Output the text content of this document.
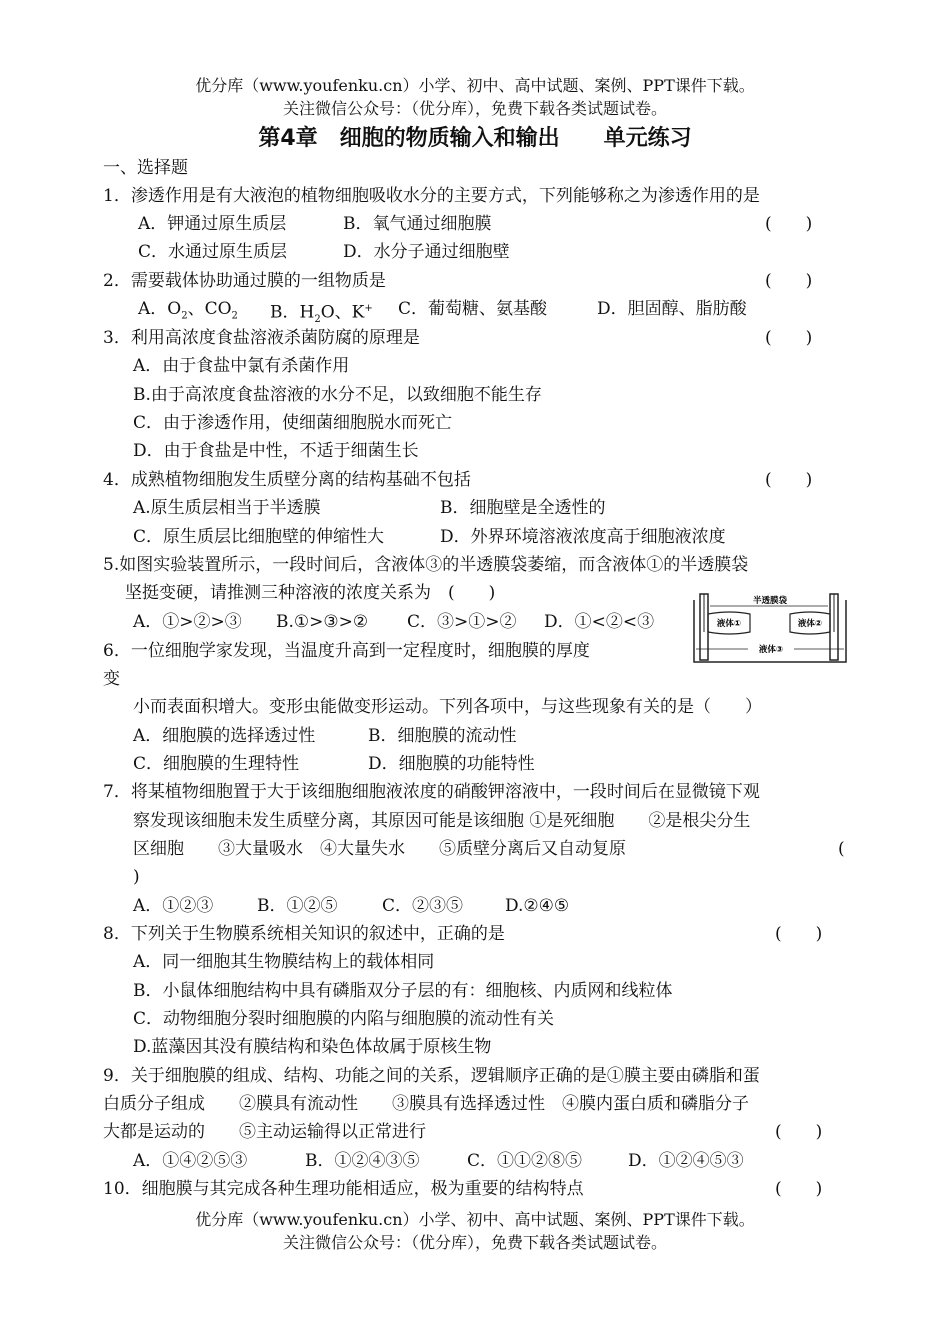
优分库（www.youfenku.cn）小学、初中、高中试题、案例、PPT课件下载。
关注微信公众号：（优分库），免费下载各类试题试卷。
第4章　细胞的物质输入和输出　　单元练习
一、选择题
1．渗透作用是有大液泡的植物细胞吸收水分的主要方式，下列能够称之为渗透作用的是
A．钾通过原生质层	B．氧气通过细胞膜	(　　)
C．水通过原生质层	D．水分子通过细胞壁
2．需要载体协助通过膜的一组物质是	(　　)
A．$O_2$、$CO_2$ B．$H_2O$、K+ C．葡萄糖、氨基酸	D．胆固醇、脂肪酸
3．利用高浓度食盐溶液杀菌防腐的原理是	(　　)
A．由于食盐中氯有杀菌作用
B.由于高浓度食盐溶液的水分不足，以致细胞不能生存
C．由于渗透作用，使细菌细胞脱水而死亡
D．由于食盐是中性，不适于细菌生长
4．成熟植物细胞发生质壁分离的结构基础不包括	(　　)
A.原生质层相当于半透膜	B．细胞壁是全透性的
C．原生质层比细胞壁的伸缩性大	D．外界环境溶液浓度高于细胞液浓度
5.如图实验装置所示，一段时间后，含液体③的半透膜袋萎缩，而含液体①的半透膜袋
坚挺变硬，请推测三种溶液的浓度关系为　(　　)
A．①>②>③ B.①>③>② C．③>①>② D．①<②<③
半透膜袋
液体①	液体②
液体③
6．一位细胞学家发现，当温度升高到一定程度时，细胞膜的厚度
变
小而表面积增大。变形虫能做变形运动。下列各项中，与这些现象有关的是（　　）
A．细胞膜的选择透过性	B．细胞膜的流动性
C．细胞膜的生理特性	D．细胞膜的功能特性
7．将某植物细胞置于大于该细胞细胞液浓度的硝酸钾溶液中，一段时间后在显微镜下观
察发现该细胞未发生质壁分离，其原因可能是该细胞 ①是死细胞　　②是根尖分生
区细胞　　③大量吸水　④大量失水　　⑤质壁分离后又自动复原	(
)
A．①②③	B．①②⑤	C．②③⑤ D.②④⑤
8．下列关于生物膜系统相关知识的叙述中，正确的是	(　　)
A．同一细胞其生物膜结构上的载体相同
B．小鼠体细胞结构中具有磷脂双分子层的有：细胞核、内质网和线粒体
C．动物细胞分裂时细胞膜的内陷与细胞膜的流动性有关
D.蓝藻因其没有膜结构和染色体故属于原核生物
9．关于细胞膜的组成、结构、功能之间的关系，逻辑顺序正确的是①膜主要由磷脂和蛋
白质分子组成　　②膜具有流动性　　③膜具有选择透过性　④膜内蛋白质和磷脂分子
大都是运动的　　⑤主动运输得以正常进行	(　　)
A．①④②⑤③	B．①②④③⑤	C．①①②⑧⑤	D．①②④⑤③
10．细胞膜与其完成各种生理功能相适应，极为重要的结构特点	(　　)
优分库（www.youfenku.cn）小学、初中、高中试题、案例、PPT课件下载。
关注微信公众号：（优分库），免费下载各类试题试卷。
